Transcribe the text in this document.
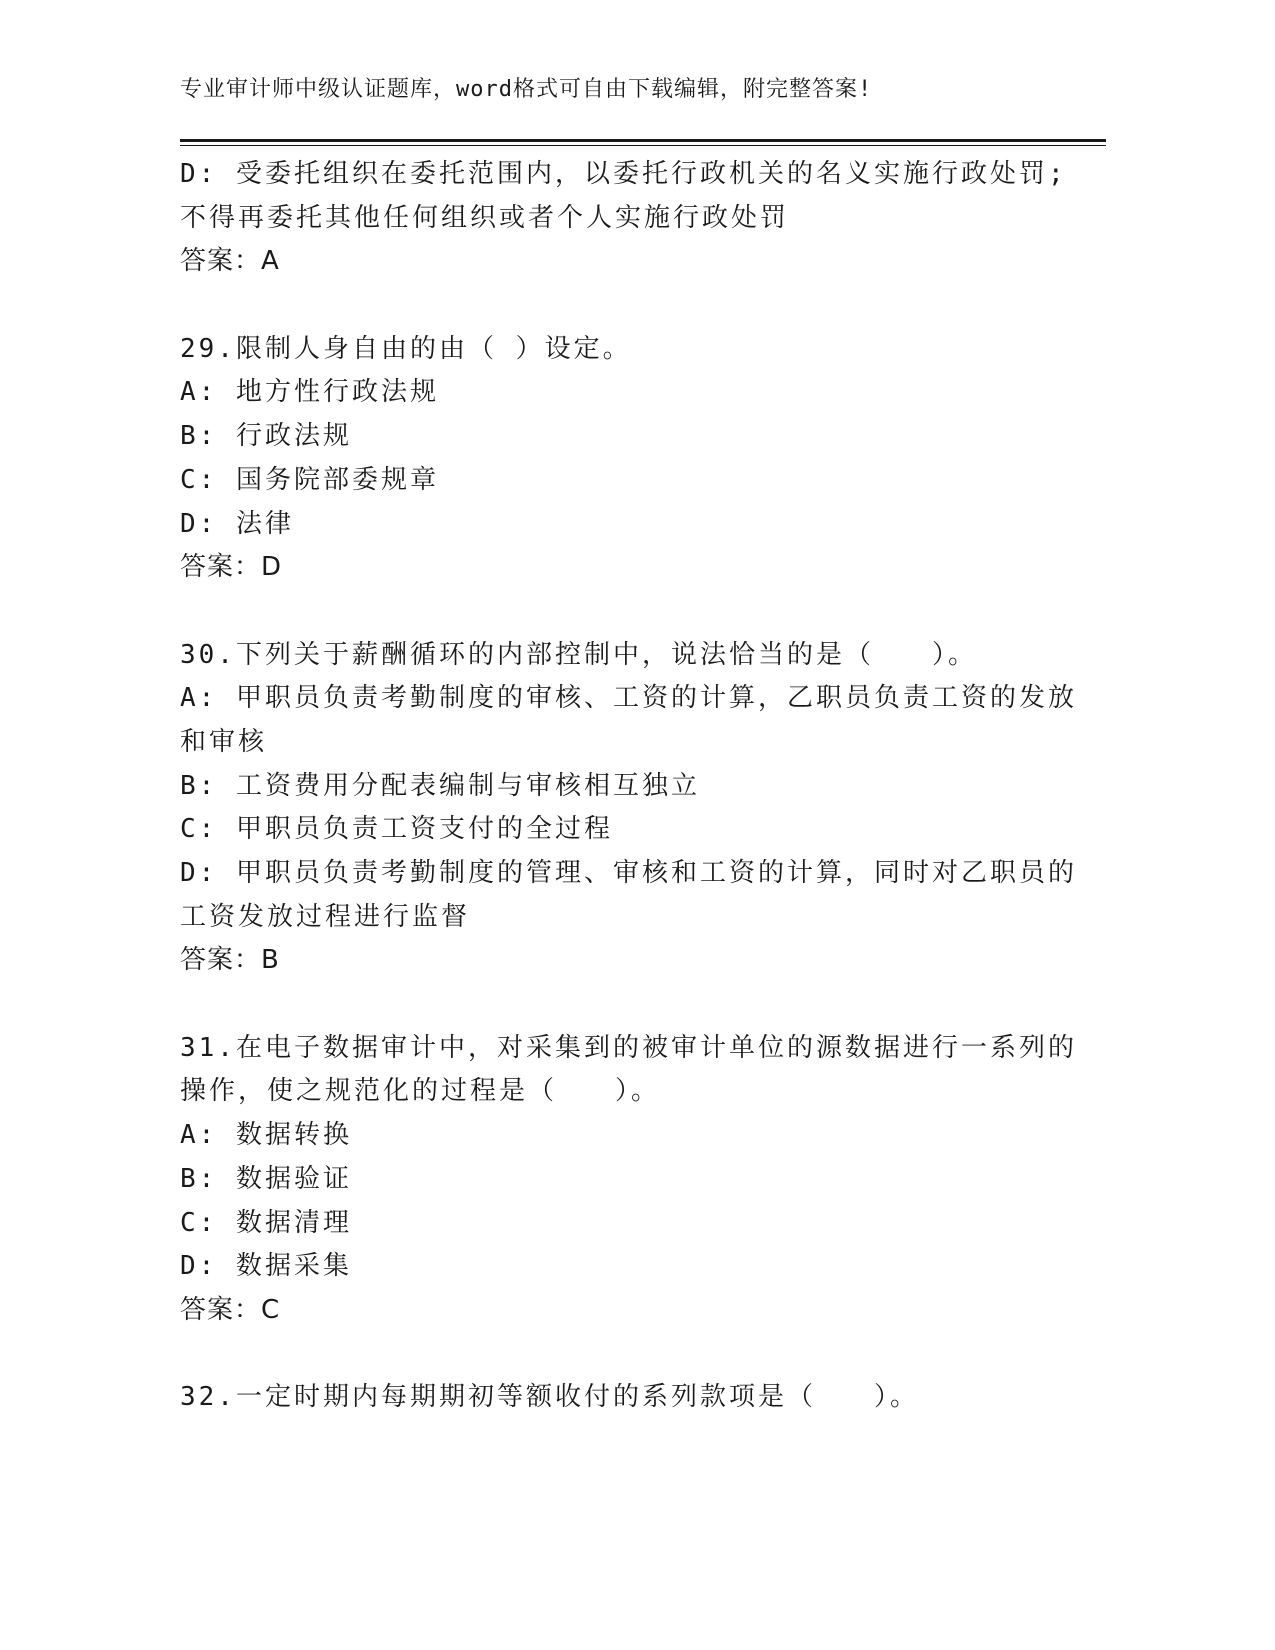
专业审计师中级认证题库，word格式可自由下载编辑，附完整答案!
D: 受委托组织在委托范围内，以委托行政机关的名义实施行政处罚;
不得再委托其他任何组织或者个人实施行政处罚
答案：A
29.限制人身自由的由（ ）设定。
A: 地方性行政法规
B: 行政法规
C: 国务院部委规章
D: 法律
答案：D
30.下列关于薪酬循环的内部控制中，说法恰当的是（　　）。
A: 甲职员负责考勤制度的审核、工资的计算，乙职员负责工资的发放
和审核
B: 工资费用分配表编制与审核相互独立
C: 甲职员负责工资支付的全过程
D: 甲职员负责考勤制度的管理、审核和工资的计算，同时对乙职员的
工资发放过程进行监督
答案：B
31.在电子数据审计中，对采集到的被审计单位的源数据进行一系列的
操作，使之规范化的过程是（　　）。
A: 数据转换
B: 数据验证
C: 数据清理
D: 数据采集
答案：C
32.一定时期内每期期初等额收付的系列款项是（　　）。
